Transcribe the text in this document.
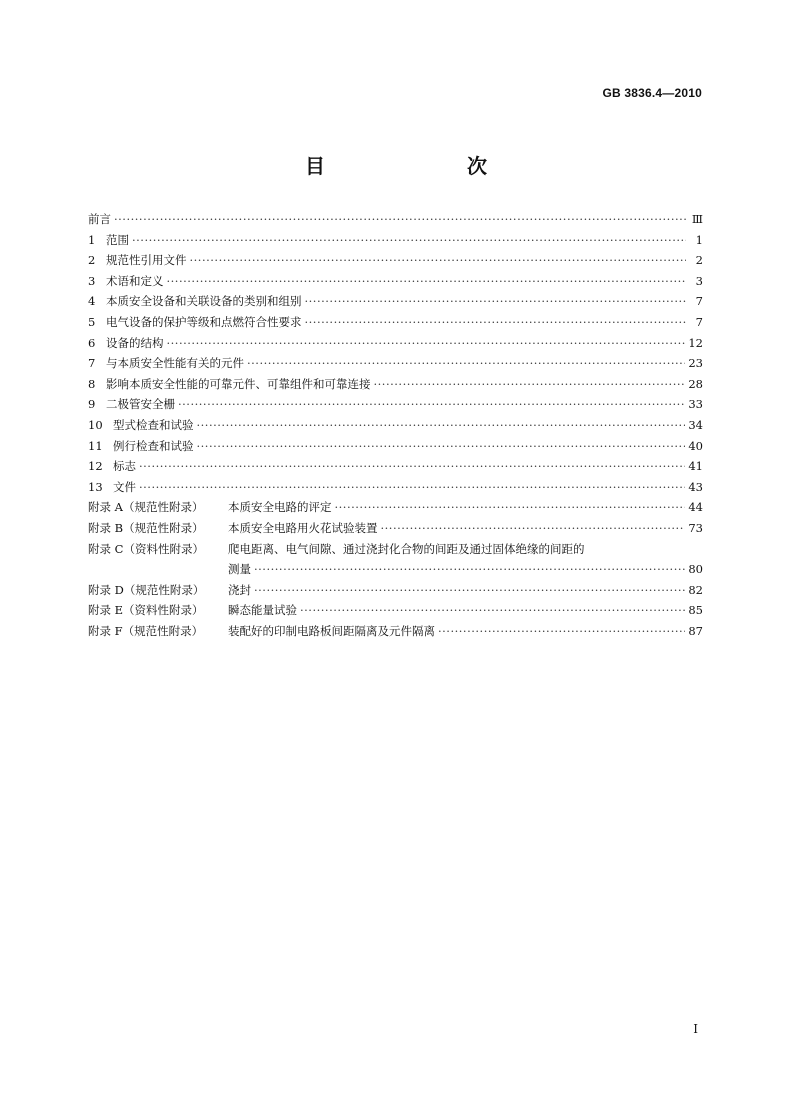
GB 3836.4—2010
目　　次
前言 ·····	Ⅲ
1 范围 ·····	1
2 规范性引用文件 ·····	2
3 术语和定义 ·····	3
4 本质安全设备和关联设备的类别和组别 ·····	7
5 电气设备的保护等级和点燃符合性要求 ·····	7
6 设备的结构 ·····	12
7 与本质安全性能有关的元件 ·····	23
8 影响本质安全性能的可靠元件、可靠组件和可靠连接 ·····	28
9 二极管安全栅 ·····	33
10 型式检查和试验 ·····	34
11 例行检查和试验 ·····	40
12 标志 ·····	41
13 文件 ·····	43
附录 A（规范性附录） 本质安全电路的评定 ·····	44
附录 B（规范性附录） 本质安全电路用火花试验装置 ·····	73
附录 C（资料性附录） 爬电距离、电气间隙、通过浇封化合物的间距及通过固体绝缘的间距的
测量 ·····	80
附录 D（规范性附录） 浇封 ·····	82
附录 E（资料性附录） 瞬态能量试验 ·····	85
附录 F（规范性附录） 装配好的印制电路板间距隔离及元件隔离 ·····	87
I
